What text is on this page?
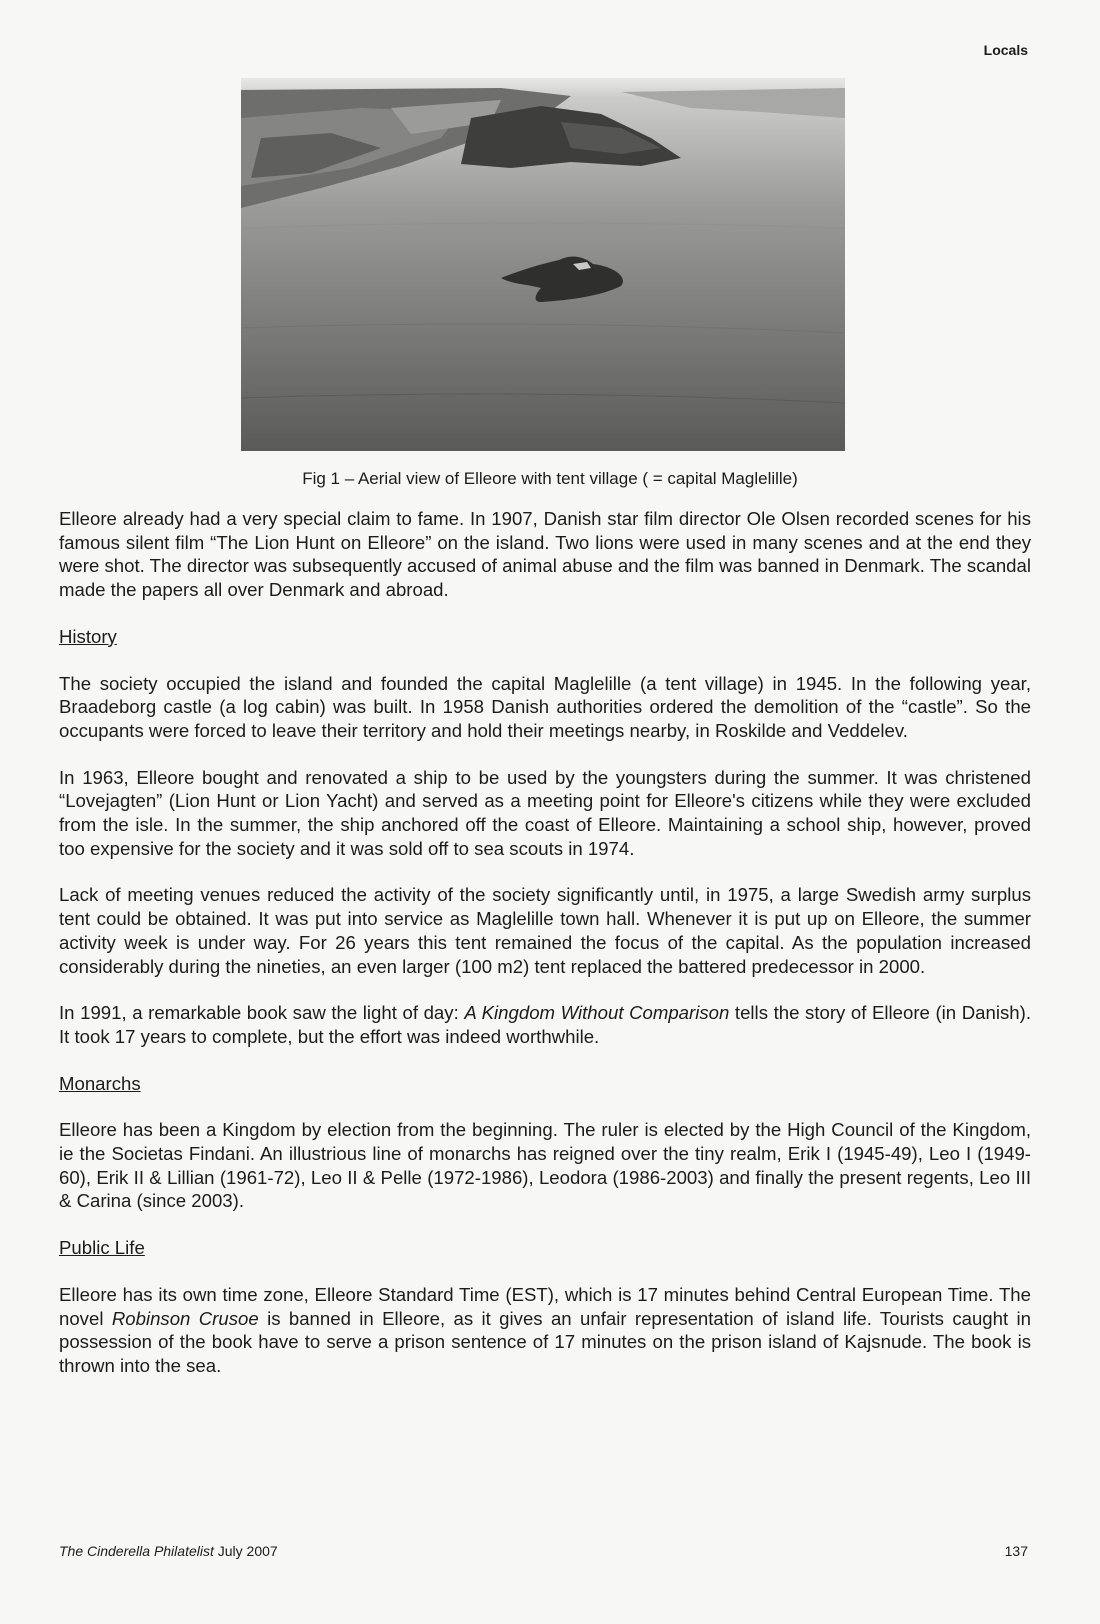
Locals
Fig 1 – Aerial view of Elleore with tent village ( = capital Maglelille)

Elleore already had a very special claim to fame. In 1907, Danish star film director Ole Olsen recorded scenes for his famous silent film “The Lion Hunt on Elleore” on the island. Two lions were used in many scenes and at the end they were shot. The director was subsequently accused of animal abuse and the film was banned in Denmark. The scandal made the papers all over Denmark and abroad.

History

The society occupied the island and founded the capital Maglelille (a tent village) in 1945. In the following year, Braadeborg castle (a log cabin) was built. In 1958 Danish authorities ordered the demolition of the “castle”. So the occupants were forced to leave their territory and hold their meetings nearby, in Roskilde and Veddelev.

In 1963, Elleore bought and renovated a ship to be used by the youngsters during the summer. It was christened “Lovejagten” (Lion Hunt or Lion Yacht) and served as a meeting point for Elleore's citizens while they were excluded from the isle. In the summer, the ship anchored off the coast of Elleore. Maintaining a school ship, however, proved too expensive for the society and it was sold off to sea scouts in 1974.

Lack of meeting venues reduced the activity of the society significantly until, in 1975, a large Swedish army surplus tent could be obtained. It was put into service as Maglelille town hall. Whenever it is put up on Elleore, the summer activity week is under way. For 26 years this tent remained the focus of the capital. As the population increased considerably during the nineties, an even larger (100 m2) tent replaced the battered predecessor in 2000.

In 1991, a remarkable book saw the light of day: A Kingdom Without Comparison tells the story of Elleore (in Danish). It took 17 years to complete, but the effort was indeed worthwhile.

Monarchs

Elleore has been a Kingdom by election from the beginning. The ruler is elected by the High Council of the Kingdom, ie the Societas Findani. An illustrious line of monarchs has reigned over the tiny realm, Erik I (1945-49), Leo I (1949-60), Erik II & Lillian (1961-72), Leo II & Pelle (1972-1986), Leodora (1986-2003) and finally the present regents, Leo III & Carina (since 2003).

Public Life

Elleore has its own time zone, Elleore Standard Time (EST), which is 17 minutes behind Central European Time. The novel Robinson Crusoe is banned in Elleore, as it gives an unfair representation of island life. Tourists caught in possession of the book have to serve a prison sentence of 17 minutes on the prison island of Kajsnude. The book is thrown into the sea.

The Cinderella Philatelist July 2007	137
